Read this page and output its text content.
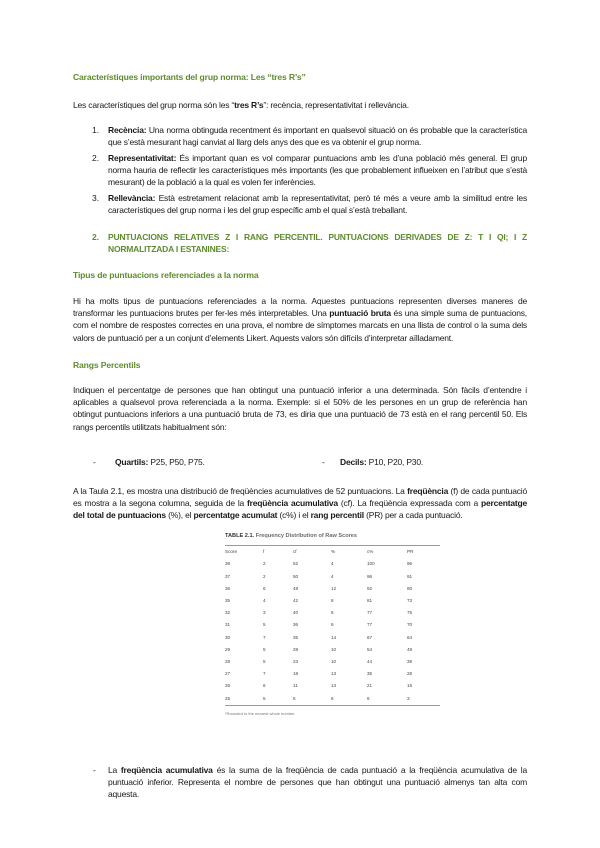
Característiques importants del grup norma: Les “tres R’s”
Les característiques del grup norma són les “tres R’s”: recència, representativitat i rellevància.
1. Recència: Una norma obtinguda recentment és important en qualsevol situació on és probable que la característica que s’està mesurant hagi canviat al llarg dels anys des que es va obtenir el grup norma.
2. Representativitat: És important quan es vol comparar puntuacions amb les d’una població més general. El grup norma hauria de reflectir les característiques més importants (les que probablement influeixen en l’atribut que s’està mesurant) de la població a la qual es volen fer inferències.
3. Rellevància: Està estretament relacionat amb la representativitat, però té més a veure amb la similitud entre les característiques del grup norma i les del grup específic amb el qual s’està treballant.
2. PUNTUACIONS RELATIVES Z I RANG PERCENTIL. PUNTUACIONS DERIVADES DE Z: T I QI; I Z NORMALITZADA I ESTANINES:
Tipus de puntuacions referenciades a la norma
Hi ha molts tipus de puntuacions referenciades a la norma. Aquestes puntuacions representen diverses maneres de transformar les puntuacions brutes per fer-les més interpretables. Una puntuació bruta és una simple suma de puntuacions, com el nombre de respostes correctes en una prova, el nombre de símptomes marcats en una llista de control o la suma dels valors de puntuació per a un conjunt d’elements Likert. Aquests valors són difícils d’interpretar aïlladament.
Rangs Percentils
Indiquen el percentatge de persones que han obtingut una puntuació inferior a una determinada. Són fàcils d’entendre i aplicables a qualsevol prova referenciada a la norma. Exemple: si el 50% de les persones en un grup de referència han obtingut puntuacions inferiors a una puntuació bruta de 73, es diria que una puntuació de 73 està en el rang percentil 50. Els rangs percentils utilitzats habitualment són:
- Quartils: P25, P50, P75.	- Decils: P10, P20, P30.
A la Taula 2.1, es mostra una distribució de freqüències acumulatives de 52 puntuacions. La freqüència (f) de cada puntuació es mostra a la segona columna, seguida de la freqüència acumulativa (cf). La freqüència expressada com a percentatge del total de puntuacions (%), el percentatge acumulat (c%) i el rang percentil (PR) per a cada puntuació.
TABLE 2.1. Frequency Distribution of Raw Scores
Score	f	cf	%	c%	PR
38	2	52	4	100	96
37	2	50	4	96	91
36	6	48	12	92	80
35	4	42	8	81	73
32	3	40	6	77	75
31	5	36	6	77	70
30	7	35	14	67	64
29	5	28	10	54	49
28	5	23	10	44	39
27	7	18	13	35	28
26	6	11	13	21	15
25	5	5	6	6	3
*Rounded to the nearest whole number.
- La freqüència acumulativa és la suma de la freqüència de cada puntuació a la freqüència acumulativa de la puntuació inferior. Representa el nombre de persones que han obtingut una puntuació almenys tan alta com aquesta.
